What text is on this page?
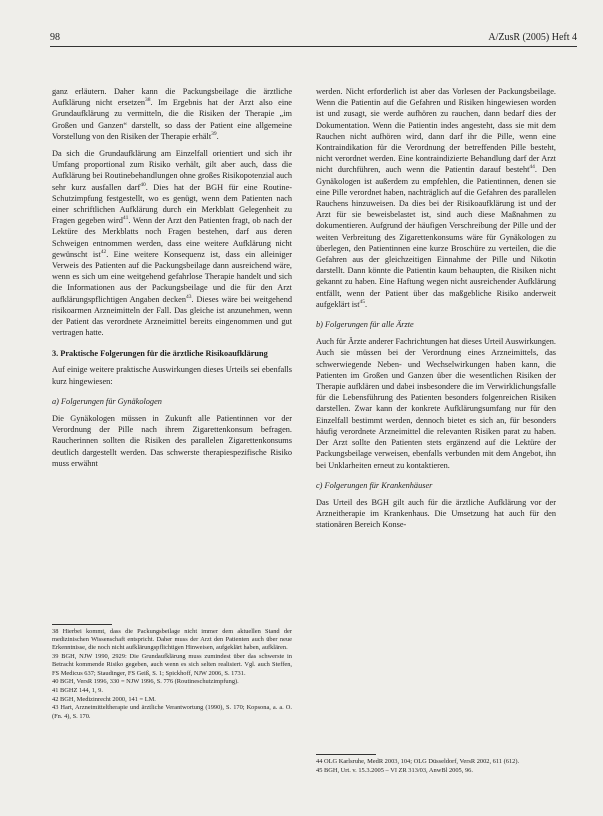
98	A/ZusR (2005) Heft 4

ganz erläutern. Daher kann die Packungsbeilage die ärztliche Aufklärung nicht ersetzen$^{38}$. Im Ergebnis hat der Arzt also eine Grundaufklärung zu vermitteln, die die Risiken der Therapie „im Großen und Ganzen“ darstellt, so dass der Patient eine allgemeine Vorstellung von den Risiken der Therapie erhält$^{39}$.

Da sich die Grundaufklärung am Einzelfall orientiert und sich ihr Umfang proportional zum Risiko verhält, gilt aber auch, dass die Aufklärung bei Routinebehandlungen ohne großes Risikopotenzial auch sehr kurz ausfallen darf$^{40}$. Dies hat der BGH für eine Routine-Schutzimpfung festgestellt, wo es genügt, wenn dem Patienten nach einer schriftlichen Aufklärung durch ein Merkblatt Gelegenheit zu Fragen gegeben wird$^{41}$. Wenn der Arzt den Patienten fragt, ob nach der Lektüre des Merkblatts noch Fragen bestehen, darf aus deren Schweigen entnommen werden, dass eine weitere Aufklärung nicht gewünscht ist$^{42}$. Eine weitere Konsequenz ist, dass ein alleiniger Verweis des Patienten auf die Packungsbeilage dann ausreichend wäre, wenn es sich um eine weitgehend gefahrlose Therapie handelt und sich die Informationen aus der Packungsbeilage und die für den Arzt aufklärungspflichtigen Angaben decken$^{43}$. Dieses wäre bei weitgehend risikoarmen Arzneimitteln der Fall. Das gleiche ist anzunehmen, wenn der Patient das verordnete Arzneimittel bereits eingenommen und gut vertragen hatte.

3. Praktische Folgerungen für die ärztliche Risikoaufklärung

Auf einige weitere praktische Auswirkungen dieses Urteils sei ebenfalls kurz hingewiesen:

a) Folgerungen für Gynäkologen

Die Gynäkologen müssen in Zukunft alle Patientinnen vor der Verordnung der Pille nach ihrem Zigarettenkonsum befragen. Raucherinnen sollten die Risiken des parallelen Zigarettenkonsums deutlich dargestellt werden. Das schwerste therapiespezifische Risiko muss erwähnt

38 Hierbei kommt, dass die Packungsbeilage nicht immer dem aktuellen Stand der medizinischen Wissenschaft entspricht. Daher muss der Arzt den Patienten auch über neue Erkenntnisse, die noch nicht aufklärungspflichtigen Hinweisen, aufgeklärt haben, aufklären.
39 BGH, NJW 1990, 2929: Die Grundaufklärung muss zumindest über das schwerste in Betracht kommende Risiko gegeben, auch wenn es sich selten realisiert. Vgl. auch Steffen, FS Medicus 637; Staudinger, FS Geiß, S. 1; Spickhoff, NJW 2006, S. 1731.
40 BGH, VersR 1996, 330 = NJW 1996, S. 776 (Routineschutzimpfung).
41 BGHZ 144, 1, 9.
42 BGH, Medizinrecht 2000, 141 = LM.
43 Hart, Arzneimitteltherapie und ärztliche Verantwortung (1990), S. 170; Kopsona, a. a. O. (Fn. 4), S. 170.

werden. Nicht erforderlich ist aber das Vorlesen der Packungsbeilage. Wenn die Patientin auf die Gefahren und Risiken hingewiesen worden ist und zusagt, sie werde aufhören zu rauchen, dann bedarf dies der Dokumentation. Wenn die Patientin indes angesteht, dass sie mit dem Rauchen nicht aufhören wird, dann darf ihr die Pille, wenn eine Kontraindikation für die Verordnung der betreffenden Pille besteht, nicht verordnet werden. Eine kontraindizierte Behandlung darf der Arzt nicht durchführen, auch wenn die Patientin darauf besteht$^{44}$. Den Gynäkologen ist außerdem zu empfehlen, die Patientinnen, denen sie eine Pille verordnet haben, nachträglich auf die Gefahren des parallelen Rauchens hinzuweisen. Da dies bei der Risikoaufklärung ist und der Arzt für sie beweisbelastet ist, sind auch diese Maßnahmen zu dokumentieren. Aufgrund der häufigen Verschreibung der Pille und der weiten Verbreitung des Zigarettenkonsums wäre für Gynäkologen zu überlegen, den Patientinnen eine kurze Broschüre zu verteilen, die die Gefahren aus der gleichzeitigen Einnahme der Pille und Nikotin darstellt. Dann könnte die Patientin kaum behaupten, die Risiken nicht gekannt zu haben. Eine Haftung wegen nicht ausreichender Aufklärung entfällt, wenn der Patient über das maßgebliche Risiko anderweit aufgeklärt ist$^{45}$.

b) Folgerungen für alle Ärzte

Auch für Ärzte anderer Fachrichtungen hat dieses Urteil Auswirkungen. Auch sie müssen bei der Verordnung eines Arzneimittels, das schwerwiegende Neben- und Wechselwirkungen haben kann, die Patienten im Großen und Ganzen über die wesentlichen Risiken der Therapie aufklären und dabei insbesondere die im Verwirklichungsfalle für die Lebensführung des Patienten besonders folgenreichen Risiken darstellen. Zwar kann der konkrete Aufklärungsumfang nur für den Einzelfall bestimmt werden, dennoch bietet es sich an, für besonders häufig verordnete Arzneimittel die relevanten Risiken parat zu haben. Der Arzt sollte den Patienten stets ergänzend auf die Lektüre der Packungsbeilage verweisen, ebenfalls verbunden mit dem Angebot, ihn bei Unklarheiten erneut zu kontaktieren.

c) Folgerungen für Krankenhäuser

Das Urteil des BGH gilt auch für die ärztliche Aufklärung vor der Arzneitherapie im Krankenhaus. Die Umsetzung hat auch für den stationären Bereich Konse-

44 OLG Karlsruhe, MedR 2003, 104; OLG Düsseldorf, VersR 2002, 611 (612).
45 BGH, Urt. v. 15.3.2005 – VI ZR 313/03, AnwBl 2005, 96.
